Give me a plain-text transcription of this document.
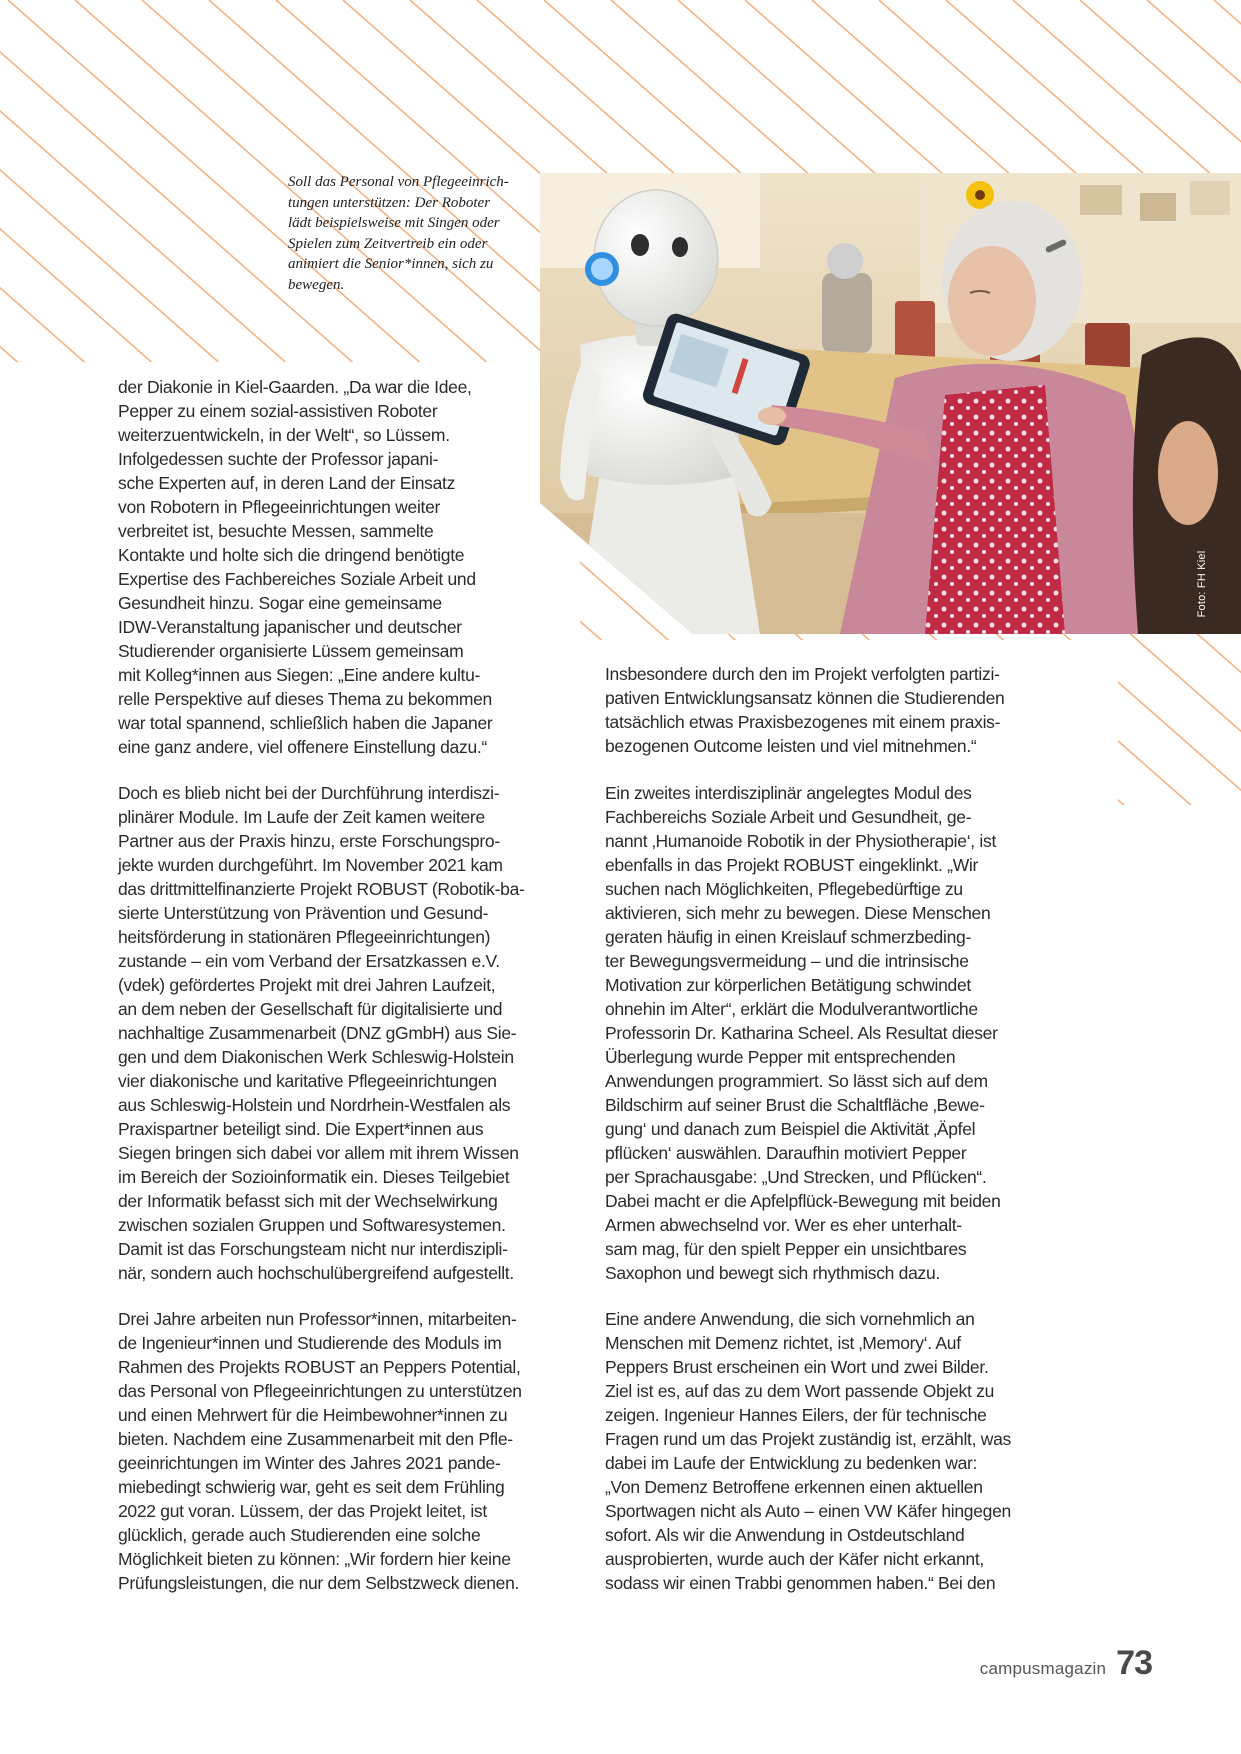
Soll das Personal von Pflegeeinrich-
tungen unterstützen: Der Roboter
lädt beispielsweise mit Singen oder
Spielen zum Zeitvertreib ein oder
animiert die Senior*innen, sich zu
bewegen.
Foto: FH Kiel
der Diakonie in Kiel-Gaarden. „Da war die Idee,
Pepper zu einem sozial-assistiven Roboter
weiterzuentwickeln, in der Welt“, so Lüssem.
Infolgedessen suchte der Professor japani-
sche Experten auf, in deren Land der Einsatz
von Robotern in Pflegeeinrichtungen weiter
verbreitet ist, besuchte Messen, sammelte
Kontakte und holte sich die dringend benötigte
Expertise des Fachbereiches Soziale Arbeit und
Gesundheit hinzu. Sogar eine gemeinsame
IDW-Veranstaltung japanischer und deutscher
Studierender organisierte Lüssem gemeinsam
mit Kolleg*innen aus Siegen: „Eine andere kultu-
relle Perspektive auf dieses Thema zu bekommen
war total spannend, schließlich haben die Japaner
eine ganz andere, viel offenere Einstellung dazu.“
Doch es blieb nicht bei der Durchführung interdiszi-
plinärer Module. Im Laufe der Zeit kamen weitere
Partner aus der Praxis hinzu, erste Forschungspro-
jekte wurden durchgeführt. Im November 2021 kam
das drittmittelfinanzierte Projekt ROBUST (Robotik-ba-
sierte Unterstützung von Prävention und Gesund-
heitsförderung in stationären Pflegeeinrichtungen)
zustande – ein vom Verband der Ersatzkassen e.V.
(vdek) gefördertes Projekt mit drei Jahren Laufzeit,
an dem neben der Gesellschaft für digitalisierte und
nachhaltige Zusammenarbeit (DNZ gGmbH) aus Sie-
gen und dem Diakonischen Werk Schleswig-Holstein
vier diakonische und karitative Pflegeeinrichtungen
aus Schleswig-Holstein und Nordrhein-Westfalen als
Praxispartner beteiligt sind. Die Expert*innen aus
Siegen bringen sich dabei vor allem mit ihrem Wissen
im Bereich der Sozioinformatik ein. Dieses Teilgebiet
der Informatik befasst sich mit der Wechselwirkung
zwischen sozialen Gruppen und Softwaresystemen.
Damit ist das Forschungsteam nicht nur interdiszipli-
när, sondern auch hochschulübergreifend aufgestellt.
Drei Jahre arbeiten nun Professor*innen, mitarbeiten-
de Ingenieur*innen und Studierende des Moduls im
Rahmen des Projekts ROBUST an Peppers Potential,
das Personal von Pflegeeinrichtungen zu unterstützen
und einen Mehrwert für die Heimbewohner*innen zu
bieten. Nachdem eine Zusammenarbeit mit den Pfle-
geeinrichtungen im Winter des Jahres 2021 pande-
miebedingt schwierig war, geht es seit dem Frühling
2022 gut voran. Lüssem, der das Projekt leitet, ist
glücklich, gerade auch Studierenden eine solche
Möglichkeit bieten zu können: „Wir fordern hier keine
Prüfungsleistungen, die nur dem Selbstzweck dienen.
Insbesondere durch den im Projekt verfolgten partizi-
pativen Entwicklungsansatz können die Studierenden
tatsächlich etwas Praxisbezogenes mit einem praxis-
bezogenen Outcome leisten und viel mitnehmen.“
Ein zweites interdisziplinär angelegtes Modul des
Fachbereichs Soziale Arbeit und Gesundheit, ge-
nannt ‚Humanoide Robotik in der Physiotherapie‘, ist
ebenfalls in das Projekt ROBUST eingeklinkt. „Wir
suchen nach Möglichkeiten, Pflegebedürftige zu
aktivieren, sich mehr zu bewegen. Diese Menschen
geraten häufig in einen Kreislauf schmerzbeding-
ter Bewegungsvermeidung – und die intrinsische
Motivation zur körperlichen Betätigung schwindet
ohnehin im Alter“, erklärt die Modulverantwortliche
Professorin Dr. Katharina Scheel. Als Resultat dieser
Überlegung wurde Pepper mit entsprechenden
Anwendungen programmiert. So lässt sich auf dem
Bildschirm auf seiner Brust die Schaltfläche ‚Bewe-
gung‘ und danach zum Beispiel die Aktivität ‚Äpfel
pflücken‘ auswählen. Daraufhin motiviert Pepper
per Sprachausgabe: „Und Strecken, und Pflücken“.
Dabei macht er die Apfelpflück-Bewegung mit beiden
Armen abwechselnd vor. Wer es eher unterhalt-
sam mag, für den spielt Pepper ein unsichtbares
Saxophon und bewegt sich rhythmisch dazu.
Eine andere Anwendung, die sich vornehmlich an
Menschen mit Demenz richtet, ist ‚Memory‘. Auf
Peppers Brust erscheinen ein Wort und zwei Bilder.
Ziel ist es, auf das zu dem Wort passende Objekt zu
zeigen. Ingenieur Hannes Eilers, der für technische
Fragen rund um das Projekt zuständig ist, erzählt, was
dabei im Laufe der Entwicklung zu bedenken war:
„Von Demenz Betroffene erkennen einen aktuellen
Sportwagen nicht als Auto – einen VW Käfer hingegen
sofort. Als wir die Anwendung in Ostdeutschland
ausprobierten, wurde auch der Käfer nicht erkannt,
sodass wir einen Trabbi genommen haben.“ Bei den
campusmagazin 73
